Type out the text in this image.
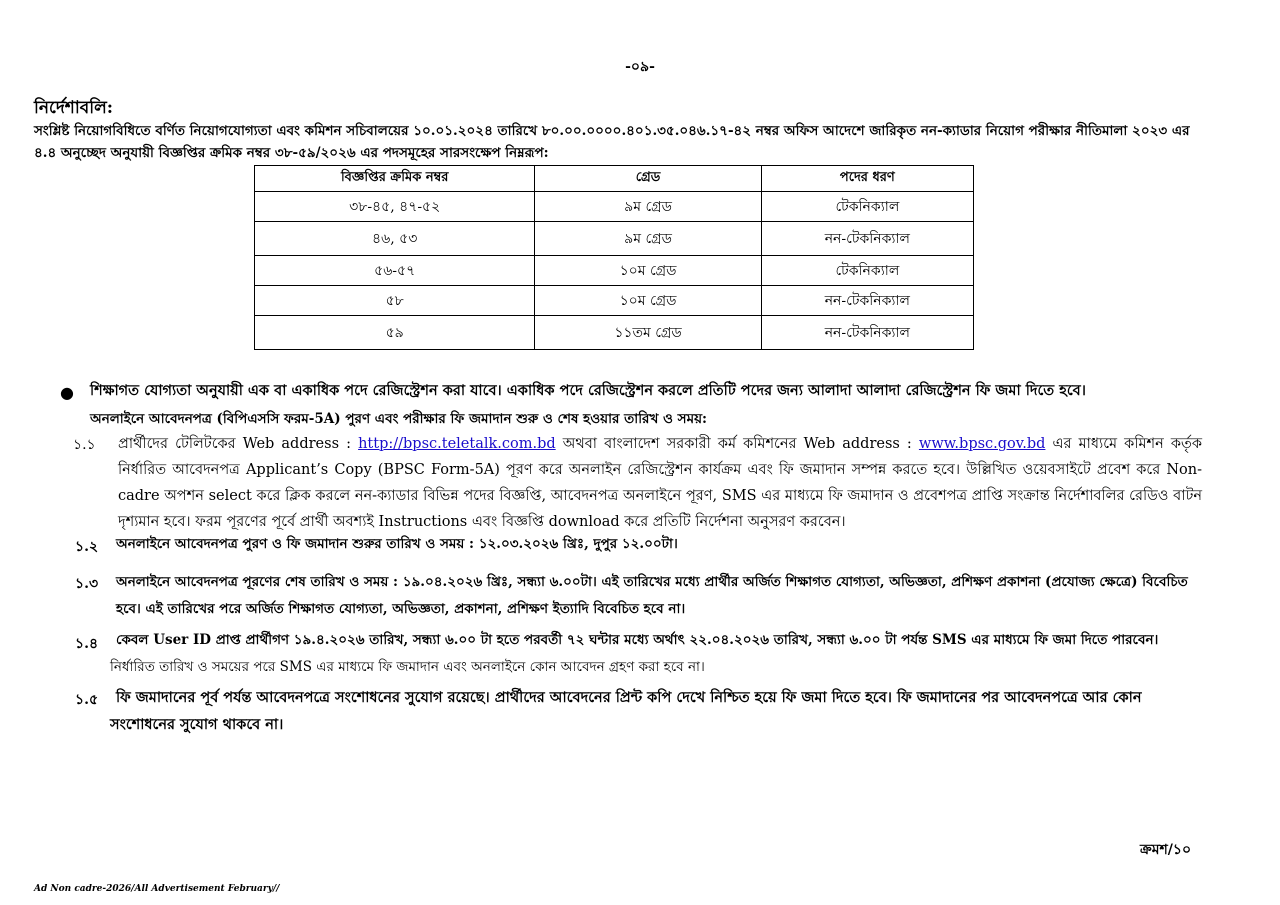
-০৯-
নির্দেশাবলি:
সংশ্লিষ্ট নিয়োগবিধিতে বর্ণিত নিয়োগযোগ্যতা এবং কমিশন সচিবালয়ের ১০.০১.২০২৪ তারিখে ৮০.০০.০০০০.৪০১.৩৫.০৪৬.১৭-৪২ নম্বর অফিস আদেশে জারিকৃত নন-ক্যাডার নিয়োগ পরীক্ষার নীতিমালা ২০২৩ এর ৪.৪ অনুচ্ছেদ অনুযায়ী বিজ্ঞপ্তির ক্রমিক নম্বর ৩৮-৫৯/২০২৬ এর পদসমূহের সারসংক্ষেপ নিম্নরূপ:
বিজ্ঞপ্তির ক্রমিক নম্বর	গ্রেড	পদের ধরণ
৩৮-৪৫, ৪৭-৫২	৯ম গ্রেড	টেকনিক্যাল
৪৬, ৫৩	৯ম গ্রেড	নন-টেকনিক্যাল
৫৬-৫৭	১০ম গ্রেড	টেকনিক্যাল
৫৮	১০ম গ্রেড	নন-টেকনিক্যাল
৫৯	১১তম গ্রেড	নন-টেকনিক্যাল
● শিক্ষাগত যোগ্যতা অনুযায়ী এক বা একাধিক পদে রেজিস্ট্রেশন করা যাবে। একাধিক পদে রেজিস্ট্রেশন করলে প্রতিটি পদের জন্য আলাদা আলাদা রেজিস্ট্রেশন ফি জমা দিতে হবে।
অনলাইনে আবেদনপত্র (বিপিএসসি ফরম-5A) পুরণ এবং পরীক্ষার ফি জমাদান শুরু ও শেষ হওয়ার তারিখ ও সময়:
১.১ প্রার্থীদের টেলিটকের Web address : http://bpsc.teletalk.com.bd অথবা বাংলাদেশ সরকারী কর্ম কমিশনের Web address : www.bpsc.gov.bd এর মাধ্যমে কমিশন কর্তৃক নির্ধারিত আবেদনপত্র Applicant’s Copy (BPSC Form-5A) পূরণ করে অনলাইন রেজিস্ট্রেশন কার্যক্রম এবং ফি জমাদান সম্পন্ন করতে হবে। উল্লিখিত ওয়েবসাইটে প্রবেশ করে Non-cadre অপশন select করে ক্লিক করলে নন-ক্যাডার বিভিন্ন পদের বিজ্ঞপ্তি, আবেদনপত্র অনলাইনে পূরণ, SMS এর মাধ্যমে ফি জমাদান ও প্রবেশপত্র প্রাপ্তি সংক্রান্ত নির্দেশাবলির রেডিও বাটন দৃশ্যমান হবে। ফরম পূরণের পূর্বে প্রার্থী অবশ্যই Instructions এবং বিজ্ঞপ্তি download করে প্রতিটি নির্দেশনা অনুসরণ করবেন।
১.২ অনলাইনে আবেদনপত্র পুরণ ও ফি জমাদান শুরুর তারিখ ও সময় : ১২.০৩.২০২৬ খ্রিঃ, দুপুর ১২.০০টা।
১.৩ অনলাইনে আবেদনপত্র পূরণের শেষ তারিখ ও সময় : ১৯.০৪.২০২৬ খ্রিঃ, সন্ধ্যা ৬.০০টা। এই তারিখের মধ্যে প্রার্থীর অর্জিত শিক্ষাগত যোগ্যতা, অভিজ্ঞতা, প্রশিক্ষণ প্রকাশনা (প্রযোজ্য ক্ষেত্রে) বিবেচিত হবে। এই তারিখের পরে অর্জিত শিক্ষাগত যোগ্যতা, অভিজ্ঞতা, প্রকাশনা, প্রশিক্ষণ ইত্যাদি বিবেচিত হবে না।
১.৪	কেবল User ID প্রাপ্ত প্রার্থীগণ ১৯.৪.২০২৬ তারিখ, সন্ধ্যা ৬.০০ টা হতে পরবর্তী ৭২ ঘন্টার মধ্যে অর্থাৎ ২২.০৪.২০২৬ তারিখ, সন্ধ্যা ৬.০০ টা পর্যন্ত SMS এর মাধ্যমে ফি জমা দিতে পারবেন। নির্ধারিত তারিখ ও সময়ের পরে SMS এর মাধ্যমে ফি জমাদান এবং অনলাইনে কোন আবেদন গ্রহণ করা হবে না।
১.৫	ফি জমাদানের পূর্ব পর্যন্ত আবেদনপত্রে সংশোধনের সুযোগ রয়েছে। প্রার্থীদের আবেদনের প্রিন্ট কপি দেখে নিশ্চিত হয়ে ফি জমা দিতে হবে। ফি জমাদানের পর আবেদনপত্রে আর কোন সংশোধনের সুযোগ থাকবে না।
ক্রমশ/১০
Ad Non cadre-2026/All Advertisement February//
